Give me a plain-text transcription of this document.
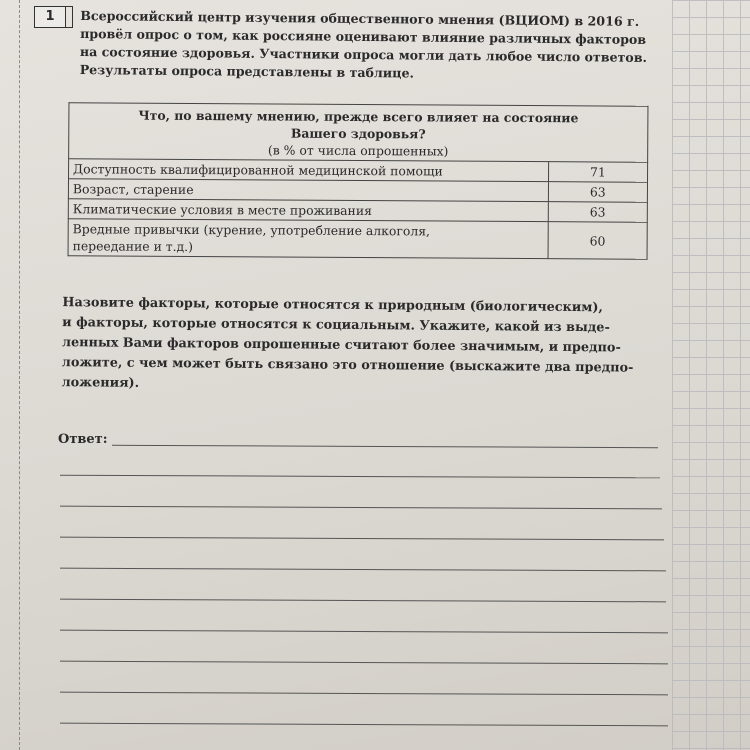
1	Всероссийский центр изучения общественного мнения (ВЦИОМ) в 2016 г.
провёл опрос о том, как россияне оценивают влияние различных факторов
на состояние здоровья. Участники опроса могли дать любое число ответов.
Результаты опроса представлены в таблице.
Что, по вашему мнению, прежде всего влияет на состояние
Вашего здоровья?
(в % от числа опрошенных)	

Доступность квалифицированной медицинской помощи	71
Возраст, старение	63
Климатические условия в месте проживания	63

Вредные привычки (курение, употребление алкоголя,
переедание и т.д.)	60
Назовите факторы, которые относятся к природным (биологическим),
и факторы, которые относятся к социальным. Укажите, какой из выде-
ленных Вами факторов опрошенные считают более значимым, и предпо-
ложите, с чем может быть связано это отношение (выскажите два предпо-
ложения).
Ответ:
